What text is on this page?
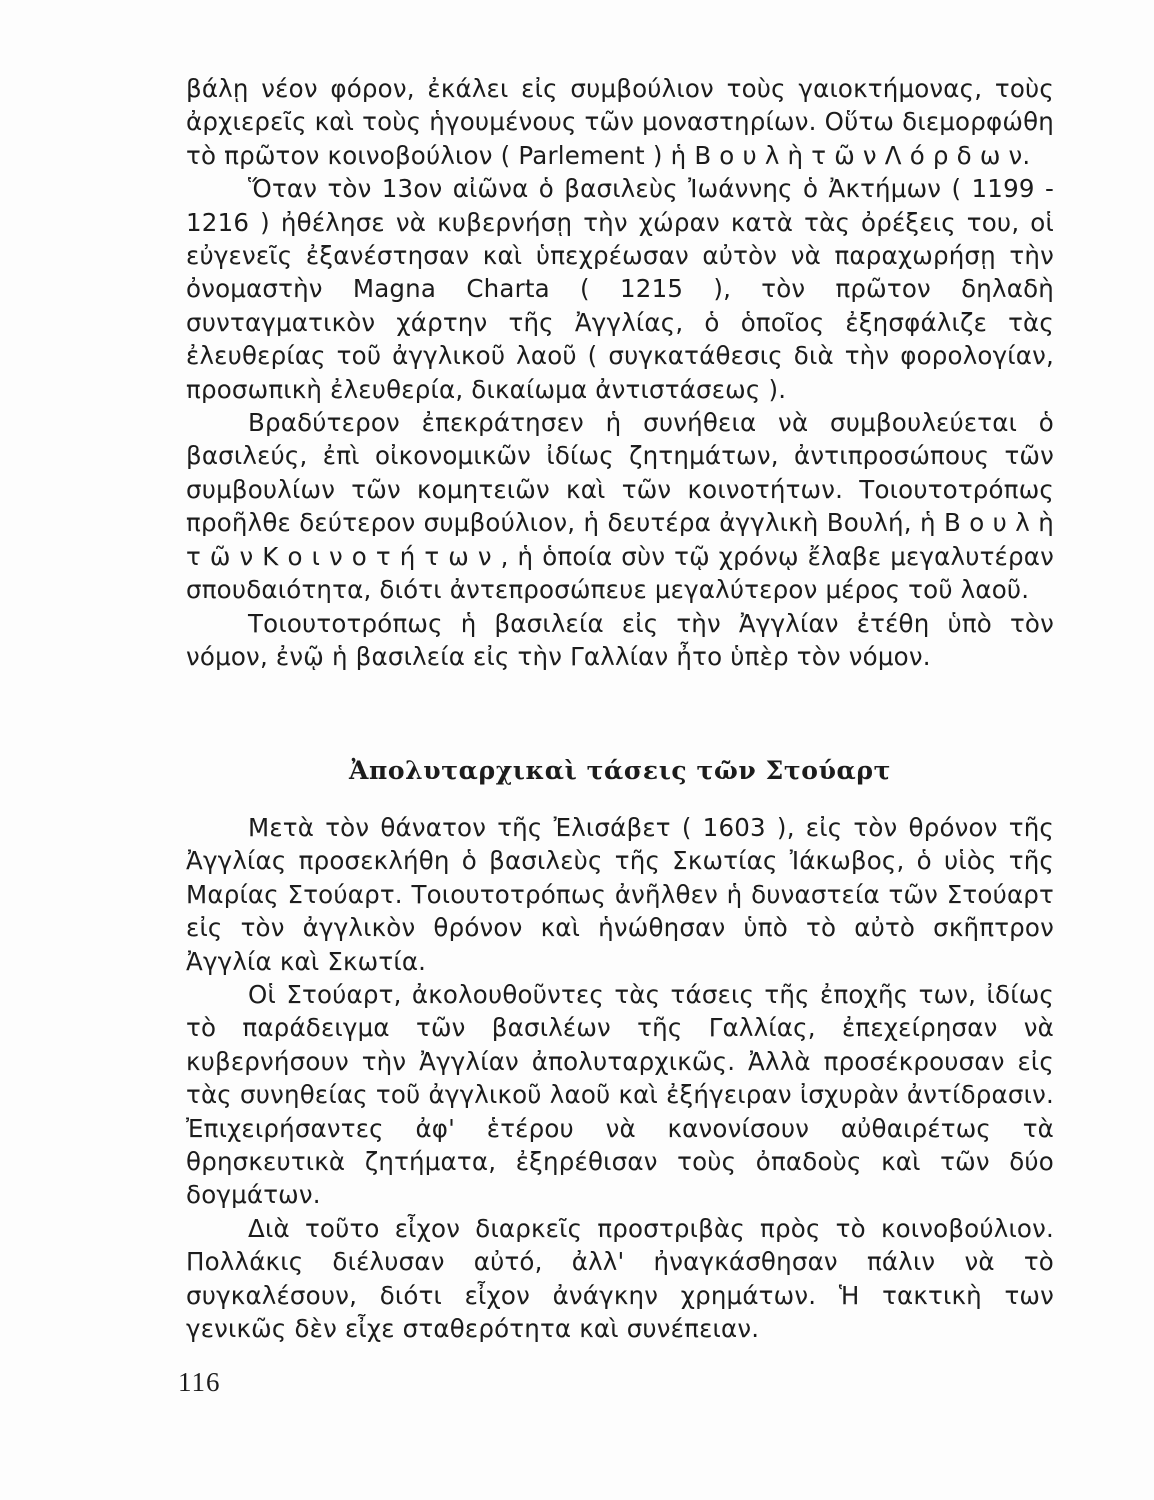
βάλῃ νέον φόρον, ἐκάλει εἰς συμβούλιον τοὺς γαιοκτήμονας, τοὺς ἀρχιερεῖς καὶ τοὺς ἡγουμένους τῶν μοναστηρίων. Οὕτω διεμορφώθη τὸ πρῶτον κοινοβούλιον ( Parlement ) ἡ Β ο υ λ ὴ τ ῶ ν Λ ό ρ δ ω ν.

Ὅταν τὸν 13ον αἰῶνα ὁ βασιλεὺς Ἰωάννης ὁ Ἀκτήμων ( 1199 - 1216 ) ἠθέλησε νὰ κυβερνήσῃ τὴν χώραν κατὰ τὰς ὀρέξεις του, οἱ εὐγενεῖς ἐξανέστησαν καὶ ὑπεχρέωσαν αὐτὸν νὰ παραχωρήσῃ τὴν ὀνομαστὴν Magna Charta ( 1215 ), τὸν πρῶτον δηλαδὴ συνταγματικὸν χάρτην τῆς Ἀγγλίας, ὁ ὁποῖος ἐξησφάλιζε τὰς ἐλευθερίας τοῦ ἀγγλικοῦ λαοῦ ( συγκατάθεσις διὰ τὴν φορολογίαν, προσωπικὴ ἐλευθερία, δικαίωμα ἀντιστάσεως ).

Βραδύτερον ἐπεκράτησεν ἡ συνήθεια νὰ συμβουλεύεται ὁ βασιλεύς, ἐπὶ οἰκονομικῶν ἰδίως ζητημάτων, ἀντιπροσώπους τῶν συμβουλίων τῶν κομητειῶν καὶ τῶν κοινοτήτων. Τοιουτοτρόπως προῆλθε δεύτερον συμβούλιον, ἡ δευτέρα ἀγγλικὴ Βουλή, ἡ Β ο υ λ ὴ τ ῶ ν Κ ο ι ν ο τ ή τ ω ν , ἡ ὁποία σὺν τῷ χρόνῳ ἔλαβε μεγαλυτέραν σπουδαιότητα, διότι ἀντεπροσώπευε μεγαλύτερον μέρος τοῦ λαοῦ.

Τοιουτοτρόπως ἡ βασιλεία εἰς τὴν Ἀγγλίαν ἐτέθη ὑπὸ τὸν νόμον, ἐνῷ ἡ βασιλεία εἰς τὴν Γαλλίαν ἦτο ὑπὲρ τὸν νόμον.

Ἀπολυταρχικαὶ τάσεις τῶν Στούαρτ

Μετὰ τὸν θάνατον τῆς Ἐλισάβετ ( 1603 ), εἰς τὸν θρόνον τῆς Ἀγγλίας προσεκλήθη ὁ βασιλεὺς τῆς Σκωτίας Ἰάκωβος, ὁ υἱὸς τῆς Μαρίας Στούαρτ. Τοιουτοτρόπως ἀνῆλθεν ἡ δυναστεία τῶν Στούαρτ εἰς τὸν ἀγγλικὸν θρόνον καὶ ἡνώθησαν ὑπὸ τὸ αὐτὸ σκῆπτρον Ἀγγλία καὶ Σκωτία.

Οἱ Στούαρτ, ἀκολουθοῦντες τὰς τάσεις τῆς ἐποχῆς των, ἰδίως τὸ παράδειγμα τῶν βασιλέων τῆς Γαλλίας, ἐπεχείρησαν νὰ κυβερνήσουν τὴν Ἀγγλίαν ἀπολυταρχικῶς. Ἀλλὰ προσέκρουσαν εἰς τὰς συνηθείας τοῦ ἀγγλικοῦ λαοῦ καὶ ἐξήγειραν ἰσχυρὰν ἀντίδρασιν. Ἐπιχειρήσαντες ἀφ' ἑτέρου νὰ κανονίσουν αὐθαιρέτως τὰ θρησκευτικὰ ζητήματα, ἐξηρέθισαν τοὺς ὀπαδοὺς καὶ τῶν δύο δογμάτων.

Διὰ τοῦτο εἶχον διαρκεῖς προστριβὰς πρὸς τὸ κοινοβούλιον. Πολλάκις διέλυσαν αὐτό, ἀλλ' ἠναγκάσθησαν πάλιν νὰ τὸ συγκαλέσουν, διότι εἶχον ἀνάγκην χρημάτων. Ἡ τακτικὴ των γενικῶς δὲν εἶχε σταθερότητα καὶ συνέπειαν.

116
